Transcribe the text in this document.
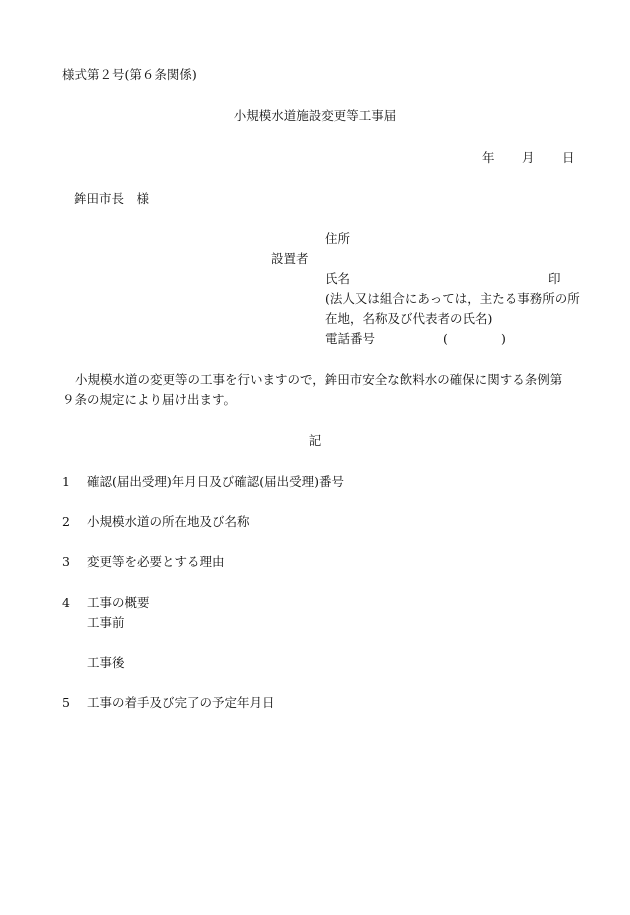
様式第２号(第６条関係)
小規模水道施設変更等工事届
年 月 日
鉾田市長　様
住所
設置者
氏名	印
(法人又は組合にあっては，主たる事務所の所
在地，名称及び代表者の氏名)
電話番号	(	)
小規模水道の変更等の工事を行いますので，鉾田市安全な飲料水の確保に関する条例第
９条の規定により届け出ます。
記
1 確認(届出受理)年月日及び確認(届出受理)番号
2 小規模水道の所在地及び名称
3 変更等を必要とする理由
4 工事の概要
工事前
工事後
5 工事の着手及び完了の予定年月日
